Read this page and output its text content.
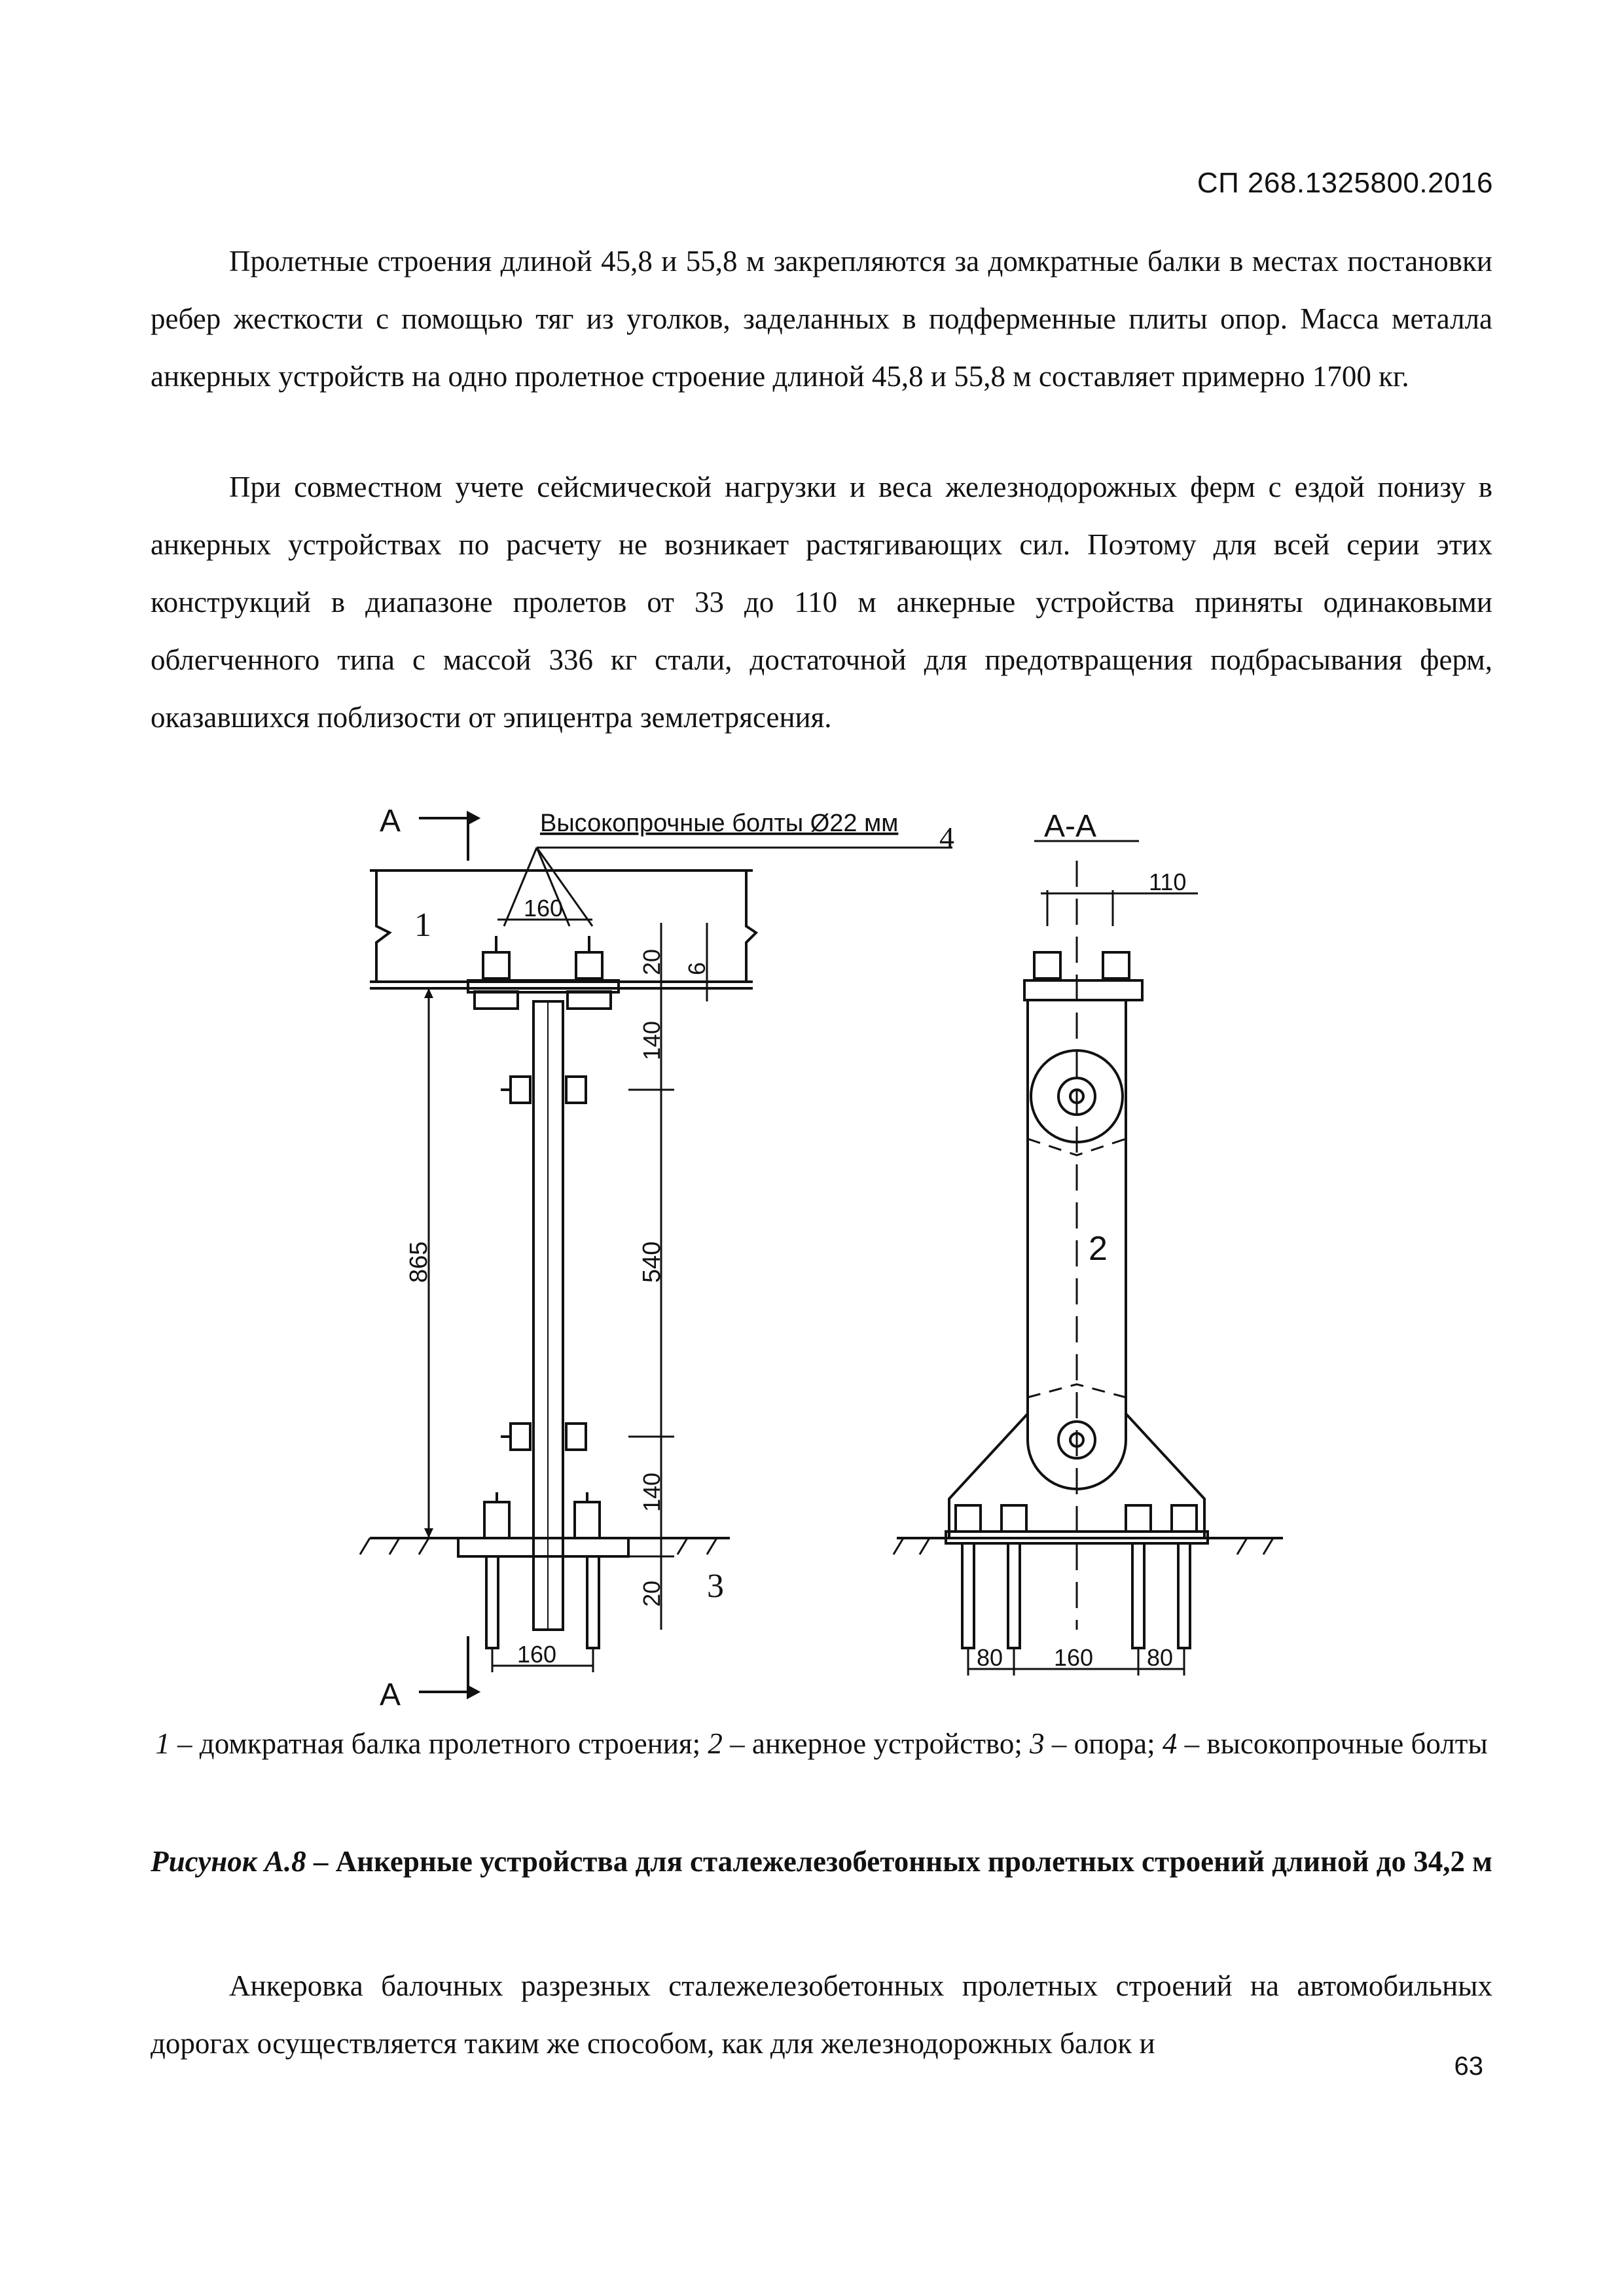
СП 268.1325800.2016
Пролетные строения длиной 45,8 и 55,8 м закрепляются за домкратные балки в местах постановки ребер жесткости с помощью тяг из уголков, заделанных в подферменные плиты опор. Масса металла анкерных устройств на одно пролетное строение длиной 45,8 и 55,8 м составляет примерно 1700 кг.
При совместном учете сейсмической нагрузки и веса железнодорожных ферм с ездой понизу в анкерных устройствах по расчету не возникает растягивающих сил. Поэтому для всей серии этих конструкций в диапазоне пролетов от 33 до 110 м анкерные устройства приняты одинаковыми облегченного типа с массой 336 кг стали, достаточной для предотвращения подбрасывания ферм, оказавшихся поблизости от эпицентра землетрясения.
A	Высокопрочные болты Ø22 мм 4
1	160
20 6
140
865	540
140
20 3
160
A
A-A
110
2
80 160 80
1 – домкратная балка пролетного строения; 2 – анкерное устройство; 3 – опора; 4 – высокопрочные болты
Рисунок А.8 – Анкерные устройства для сталежелезобетонных пролетных строений длиной до 34,2 м
Анкеровка балочных разрезных сталежелезобетонных пролетных строений на автомобильных дорогах осуществляется таким же способом, как для железнодорожных балок и
63
